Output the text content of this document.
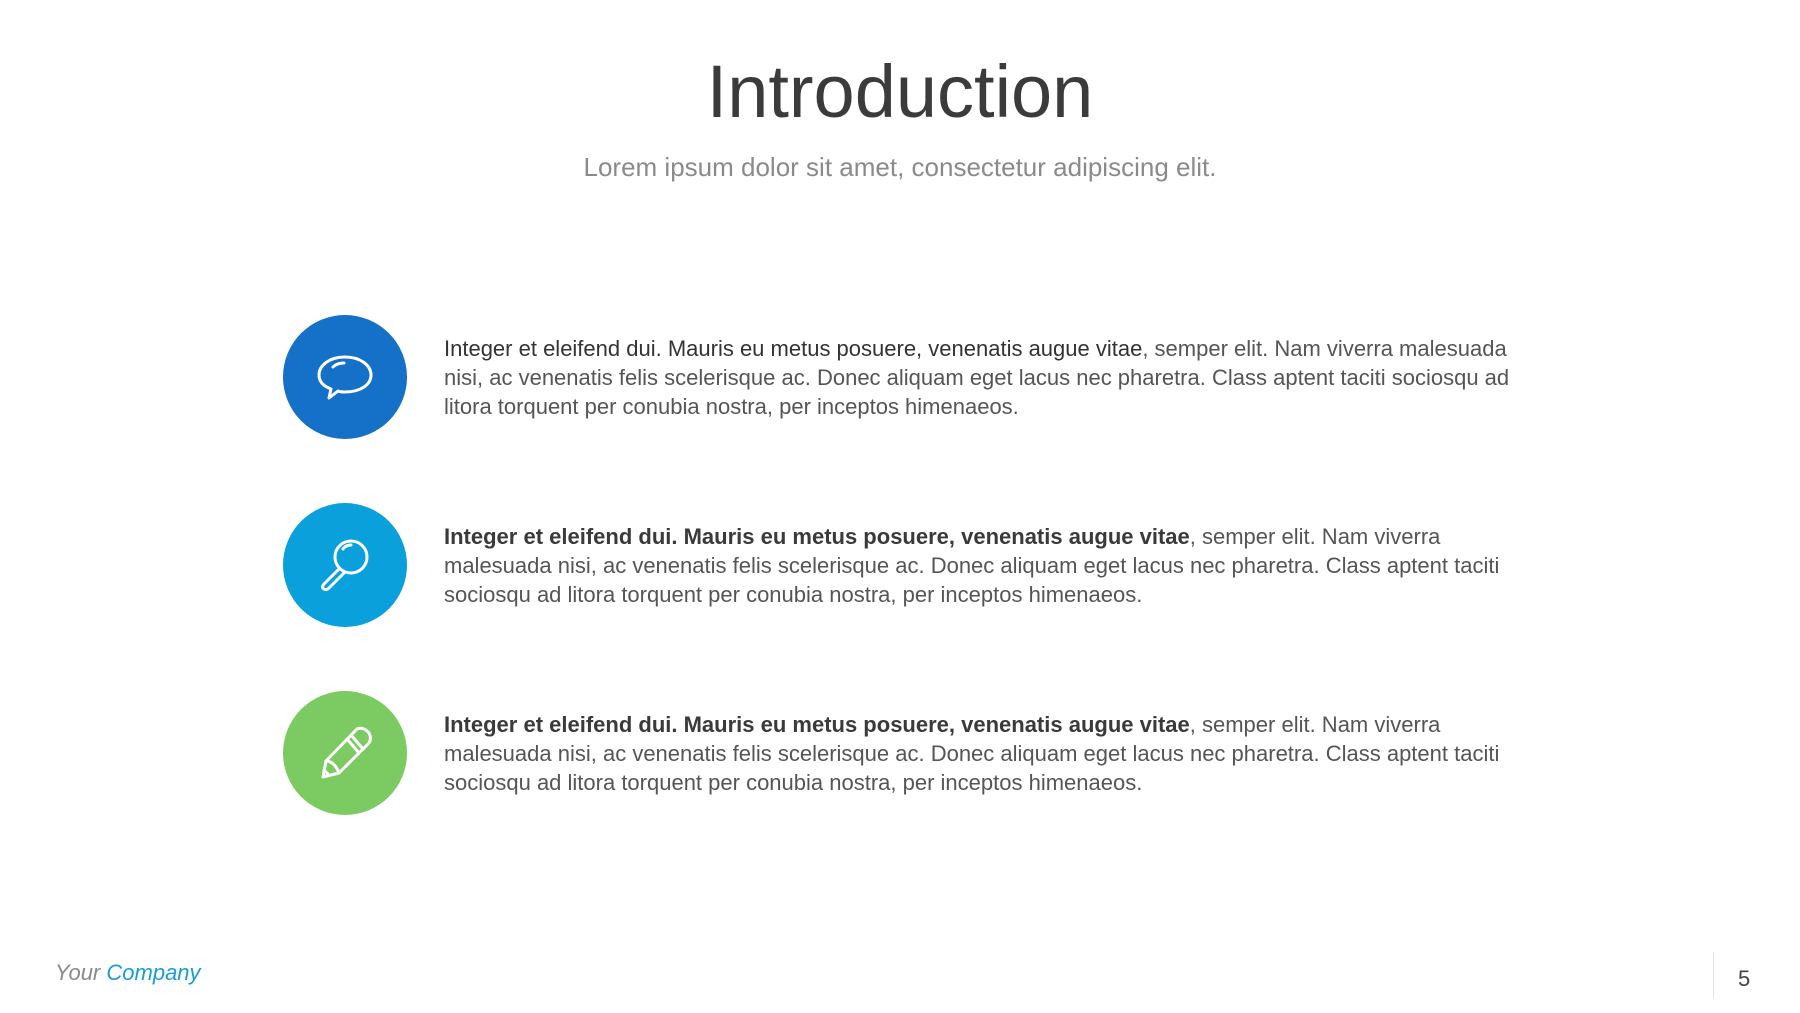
Introduction
Lorem ipsum dolor sit amet, consectetur adipiscing elit.
Integer et eleifend dui. Mauris eu metus posuere, venenatis augue vitae, semper elit. Nam viverra malesuada nisi, ac venenatis felis scelerisque ac. Donec aliquam eget lacus nec pharetra. Class aptent taciti sociosqu ad litora torquent per conubia nostra, per inceptos himenaeos.
Integer et eleifend dui. Mauris eu metus posuere, venenatis augue vitae, semper elit. Nam viverra malesuada nisi, ac venenatis felis scelerisque ac. Donec aliquam eget lacus nec pharetra. Class aptent taciti sociosqu ad litora torquent per conubia nostra, per inceptos himenaeos.
Integer et eleifend dui. Mauris eu metus posuere, venenatis augue vitae, semper elit. Nam viverra malesuada nisi, ac venenatis felis scelerisque ac. Donec aliquam eget lacus nec pharetra. Class aptent taciti sociosqu ad litora torquent per conubia nostra, per inceptos himenaeos.
Your Company	5
